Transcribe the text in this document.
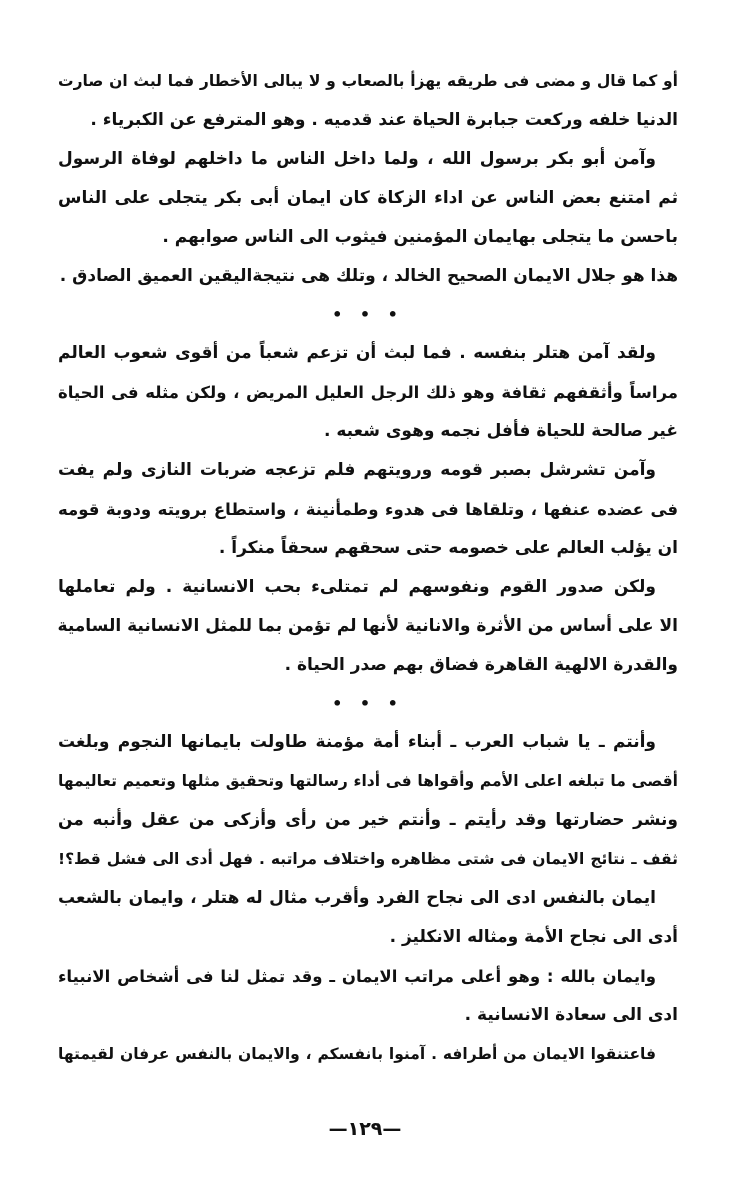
أو كما قال و مضى فى طريقه يهزأ بالصعاب و لا يبالى الأخطار فما لبث ان صارت
الدنيا خلفه وركعت جبابرة الحياة عند قدميه . وهو المترفع عن الكبرياء .
وآمن أبو بكر برسول الله ، ولما داخل الناس ما داخلهم لوفاة الرسول
ثم امتنع بعض الناس عن اداء الزكاة كان ايمان أبى بكر يتجلى على الناس
باحسن ما يتجلى بهايمان المؤمنين فيثوب الى الناس صوابهم .
هذا هو جلال الايمان الصحيح الخالد ، وتلك هى نتيجةاليقين العميق الصادق .
• • •
ولقد آمن هتلر بنفسه . فما لبث أن تزعم شعباً من أقوى شعوب العالم
مراساً وأثقفهم ثقافة وهو ذلك الرجل العليل المريض ، ولكن مثله فى الحياة
غير صالحة للحياة فأفل نجمه وهوى شعبه .
وآمن تشرشل بصبر قومه ورويتهم فلم تزعجه ضربات النازى ولم يفت
فى عضده عنفها ، وتلقاها فى هدوء وطمأنينة ، واستطاع برويته ودوبة قومه
ان يؤلب العالم على خصومه حتى سحقهم سحقاً منكراً .
ولكن صدور القوم ونفوسهم لم تمتلىء بحب الانسانية . ولم تعاملها
الا على أساس من الأثرة والانانية لأنها لم تؤمن بما للمثل الانسانية السامية
والقدرة الالهية القاهرة فضاق بهم صدر الحياة .
• • •
وأنتم ـ يا شباب العرب ـ أبناء أمة مؤمنة طاولت بايمانها النجوم وبلغت
أقصى ما تبلغه اعلى الأمم وأقواها فى أداء رسالتها وتحقيق مثلها وتعميم تعاليمها
ونشر حضارتها وقد رأيتم ـ وأنتم خير من رأى وأزكى من عقل وأنبه من
ثقف ـ نتائج الايمان فى شتى مظاهره واختلاف مراتبه . فهل أدى الى فشل قط؟!
ايمان بالنفس ادى الى نجاح الفرد وأقرب مثال له هتلر ، وايمان بالشعب
أدى الى نجاح الأمة ومثاله الانكليز .
وايمان بالله : وهو أعلى مراتب الايمان ـ وقد تمثل لنا فى أشخاص الانبياء
ادى الى سعادة الانسانية .
فاعتنقوا الايمان من أطرافه . آمنوا بانفسكم ، والايمان بالنفس عرفان لقيمتها
—١٢٩—
